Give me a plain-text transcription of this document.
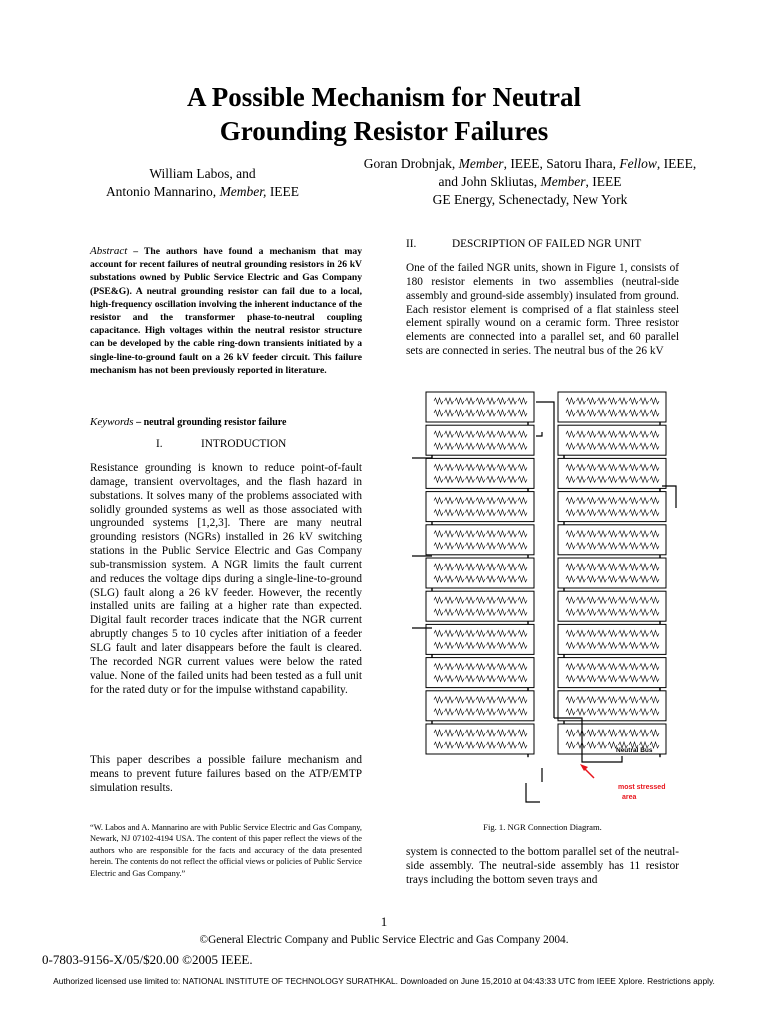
A Possible Mechanism for Neutral
Grounding Resistor Failures
William Labos, and
Antonio Mannarino, Member, IEEE
Goran Drobnjak, Member, IEEE, Satoru Ihara, Fellow, IEEE,
and John Skliutas, Member, IEEE
GE Energy, Schenectady, New York
Abstract – The authors have found a mechanism that may account for recent failures of neutral grounding resistors in 26 kV substations owned by Public Service Electric and Gas Company (PSE&G). A neutral grounding resistor can fail due to a local, high-frequency oscillation involving the inherent inductance of the resistor and the transformer phase-to-neutral coupling capacitance. High voltages within the neutral resistor structure can be developed by the cable ring-down transients initiated by a single-line-to-ground fault on a 26 kV feeder circuit. This failure mechanism has not been previously reported in literature.
Keywords – neutral grounding resistor failure
I.	INTRODUCTION
Resistance grounding is known to reduce point-of-fault damage, transient overvoltages, and the flash hazard in substations. It solves many of the problems associated with solidly grounded systems as well as those associated with ungrounded systems [1,2,3]. There are many neutral grounding resistors (NGRs) installed in 26 kV switching stations in the Public Service Electric and Gas Company sub-transmission system. A NGR limits the fault current and reduces the voltage dips during a single-line-to-ground (SLG) fault along a 26 kV feeder. However, the recently installed units are failing at a higher rate than expected. Digital fault recorder traces indicate that the NGR current abruptly changes 5 to 10 cycles after initiation of a feeder SLG fault and later disappears before the fault is cleared. The recorded NGR current values were below the rated value. None of the failed units had been tested as a full unit for the rated duty or for the impulse withstand capability.
This paper describes a possible failure mechanism and means to prevent future failures based on the ATP/EMTP simulation results.
“W. Labos and A. Mannarino are with Public Service Electric and Gas Company, Newark, NJ 07102-4194 USA. The content of this paper reflect the views of the authors who are responsible for the facts and accuracy of the data presented herein. The contents do not reflect the official views or policies of Public Service Electric and Gas Company.”
II.	DESCRIPTION OF FAILED NGR UNIT
One of the failed NGR units, shown in Figure 1, consists of 180 resistor elements in two assemblies (neutral-side assembly and ground-side assembly) insulated from ground. Each resistor element is comprised of a flat stainless steel element spirally wound on a ceramic form. Three resistor elements are connected into a parallel set, and 60 parallel sets are connected in series. The neutral bus of the 26 kV
Neutral Bus
most stressed
area
Fig. 1. NGR Connection Diagram.
system is connected to the bottom parallel set of the neutral-side assembly. The neutral-side assembly has 11 resistor trays including the bottom seven trays and
1
©General Electric Company and Public Service Electric and Gas Company 2004.
0-7803-9156-X/05/$20.00 ©2005 IEEE.
Authorized licensed use limited to: NATIONAL INSTITUTE OF TECHNOLOGY SURATHKAL. Downloaded on June 15,2010 at 04:43:33 UTC from IEEE Xplore. Restrictions apply.
